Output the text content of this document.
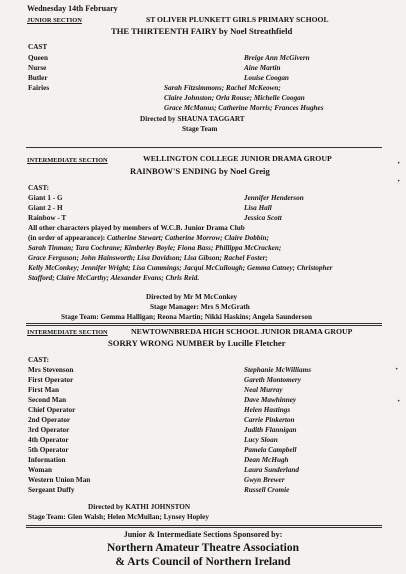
Wednesday 14th February
JUNIOR SECTION	ST OLIVER PLUNKETT GIRLS PRIMARY SCHOOL
THE THIRTEENTH FAIRY by Noel Streathfield
CAST
Queen	Breige Ann McGivern
Nurse	Aine Martin
Butler	Louise Coogan
Fairies	Sarah Fitzsimmons; Rachel McKeown;
Claire Johnston; Orla Rouse; Michelle Coogan
Grace McManus; Catherine Morris; Frances Hughes
Directed by SHAUNA TAGGART
Stage Team
INTERMEDIATE SECTION	WELLINGTON COLLEGE JUNIOR DRAMA GROUP
RAINBOW'S ENDING by Noel Greig
CAST:
Giant 1 - G	Jennifer Henderson
Giant 2 - H	Lisa Hall
Rainbow - T	Jessica Scott
All other characters played by members of W.C.B. Junior Drama Club
(in order of appearance): Catherine Stewart; Catherine Morrow; Claire Dobbin;
Sarah Tinman; Tara Cochrane; Kimberley Boyle; Fiona Bass; Phillippa McCracken;
Grace Ferguson; John Hainsworth; Lisa Davidson; Lisa Gibson; Rachel Foster;
Kelly McConkey; Jennifer Wright; Lisa Cummings; Jacqui McCullough; Gemma Catney; Christopher
Stafford; Claire McCarthy; Alexander Evans; Chris Reid.
Directed by Mr M McConkey
Stage Manager: Mrs S McGrath
Stage Team: Gemma Halligan; Reona Martin; Nikki Haskins; Angela Saunderson
INTERMEDIATE SECTION	NEWTOWNBREDA HIGH SCHOOL JUNIOR DRAMA GROUP
SORRY WRONG NUMBER by Lucille Fletcher
CAST:
Mrs Stevenson	Stephanie McWilliams
First Operator	Gareth Montomery
First Man	Neal Murray
Second Man	Dave Mawhinney
Chief Operator	Helen Hastings
2nd Operator	Carrie Pinkerton
3rd Operator	Judith Flannigan
4th Operator	Lucy Sloan
5th Operator	Pamela Campbell
Information	Dean McHugh
Woman	Laura Sunderland
Western Union Man	Gwyn Brewer
Sergeant Duffy	Russell Cromie
Directed by KATHI JOHNSTON
Stage Team: Glen Walsh; Helen McMullan; Lynsey Hopley
Junior & Intermediate Sections Sponsored by:
Northern Amateur Theatre Association
& Arts Council of Northern Ireland
·
·
·
·
